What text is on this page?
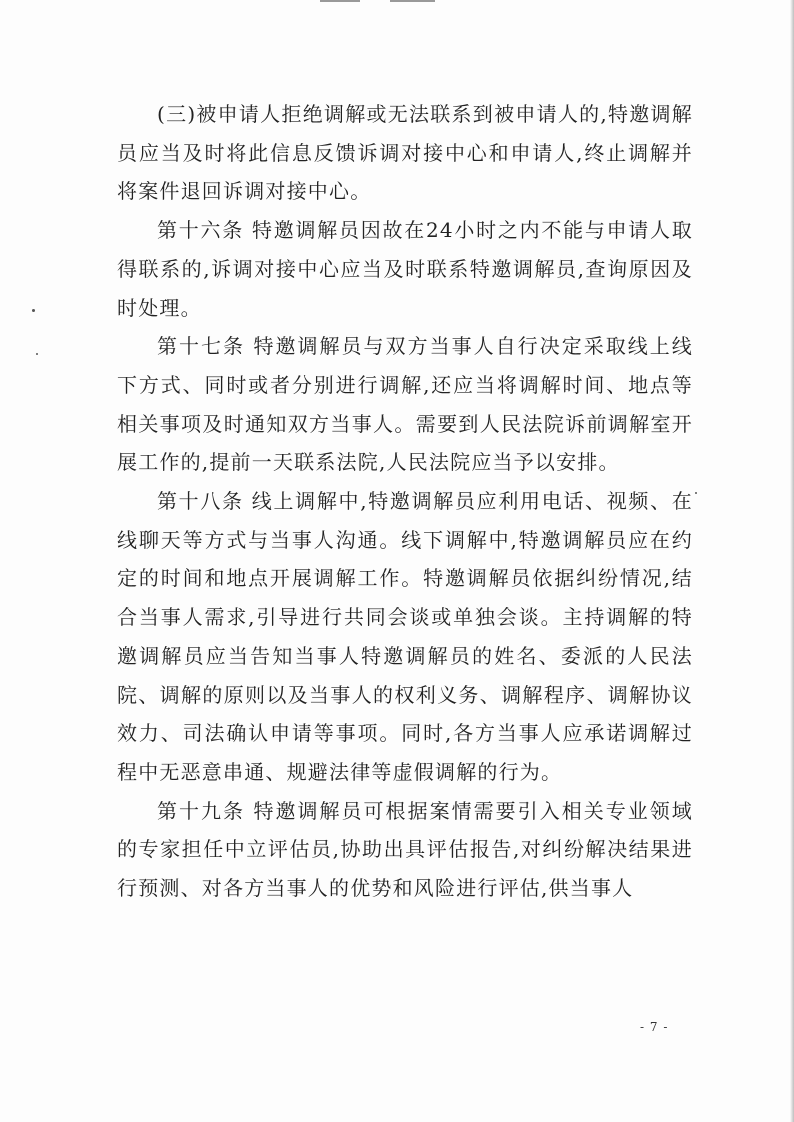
(三)被申请人拒绝调解或无法联系到被申请人的,特邀调解员应当及时将此信息反馈诉调对接中心和申请人,终止调解并将案件退回诉调对接中心。

第十六条 特邀调解员因故在24小时之内不能与申请人取得联系的,诉调对接中心应当及时联系特邀调解员,查询原因及时处理。

第十七条 特邀调解员与双方当事人自行决定采取线上线下方式、同时或者分别进行调解,还应当将调解时间、地点等相关事项及时通知双方当事人。需要到人民法院诉前调解室开展工作的,提前一天联系法院,人民法院应当予以安排。

第十八条 线上调解中,特邀调解员应利用电话、视频、在线聊天等方式与当事人沟通。线下调解中,特邀调解员应在约定的时间和地点开展调解工作。特邀调解员依据纠纷情况,结合当事人需求,引导进行共同会谈或单独会谈。主持调解的特邀调解员应当告知当事人特邀调解员的姓名、委派的人民法院、调解的原则以及当事人的权利义务、调解程序、调解协议效力、司法确认申请等事项。同时,各方当事人应承诺调解过程中无恶意串通、规避法律等虚假调解的行为。

第十九条 特邀调解员可根据案情需要引入相关专业领域的专家担任中立评估员,协助出具评估报告,对纠纷解决结果进行预测、对各方当事人的优势和风险进行评估,供当事人

- 7 -
